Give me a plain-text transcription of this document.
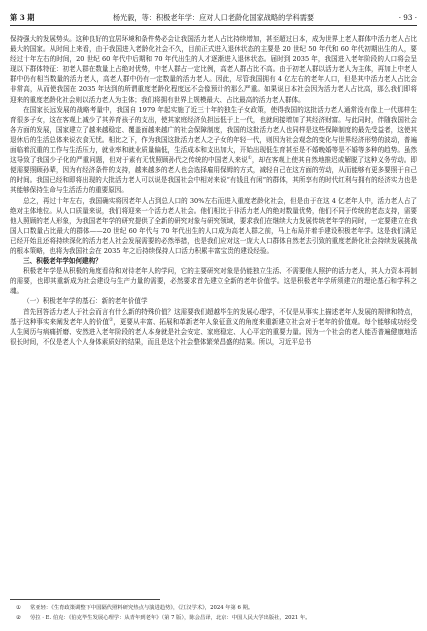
第 3 期	杨光毅，等：积极老年学：应对人口老龄化国家战略的学科需要	· 93 ·

保持强大的发展势头。这种良好的宜居环境和条件势必会让我国活力老人占比持续增加，甚至超过日本，成为世界上老人群体中活力老人占比最大的国家。从时间上来看，由于我国进入老龄化社会不久，目前正式进入退休状态的主要是 20 世纪 50 年代和 60 年代初期出生的人，要经过十年左右的时间，20 世纪 60 年代中后期和 70 年代出生的人才逐渐进入退休状态。届时到 2035 年，我国进入老年阶段的人口将会呈现以下群体特征：初老人群在数量上占绝对优势，中老人群占一定比例，高老人群占比不高。由于初老人群以活力老人为主体，再加上中老人群中仍有相当数量的活力老人，高老人群中仍有一定数量的活力老人。因此，尽管我国拥有 4 亿左右的老年人口，但是其中活力老人占比会非常高，从而使我国在 2035 年达到的所谓重度老龄化程度远不会像预计的那么严重。如果说日本社会因为活力老人占比高，那么我们即将迎来的重度老龄化社会则以活力老人为主体；我们将拥有世界上规模最大、占比最高的活力老人群体。

在国家长远发展的战略考量中，我国自 1979 年起实施了近三十年的独生子女政策，使得我国的这批活力老人通常没有像上一代那样生育很多子女，这在客观上减少了其养育孩子的支出，使其家庭经济负担远低于上一代，也就间接增加了其经济财富。与此同时，伴随我国社会各方面的发展，国家建立了越来越稳定、覆盖面越来越广的社会保障制度，我国的这批活力老人也同样是这些保障制度的最先受益者，这使其退休后的生活总体来说衣食无忧。相比之下，作为我国这批活力老人之子女的年轻一代，则因为社会观念的变化与世界经济形势的波动，普遍面临着沉重的工作与生活压力，就业率和就业质量偏低，生活成本和支出加大，开始出现低生育甚至是不婚晚婚等是不婚等多种的趋势。虽然这导致了我国少子化的严重问题，但对于素有无忧照顾孙代之传统的中国老人来说①，却在客观上使其自然地推迟或解脱了这种义务劳动。即便需要照顾孙辈，因为有经济条件的支持，越来越多的老人也会选择雇用保姆的方式，减轻自己在这方面的劳动，从而能够有更多要照于自己的时间。我国已经和即将出现的大批活力老人可以说是我国社会中相对来说“有钱且有闲”的群体，其所享有的时代红利与拥有的经济实力也是其能够保持生命与生活活力的重要原因。

总之，再过十年左右，我国确实将因老年人占到总人口的 30%左右而进入重度老龄化社会，但是由于在这 4 亿老年人中，活力老人占了绝对主体地位。从人口质量来说，我们将迎来一个活力老人社会。他们相比于非活力老人的绝对数量优势，他们不同于传统的老态支持，需要他人照顾的老人形象，为我国老年学的研究提供了全新的研究对象与研究领域，要求我们在继续大力发展传统老年学的同时，一定要建立在我国人口数量占比最大的群体——20 世纪 60 年代与 70 年代出生的人口成为高老人群之前，马上布局并着手建设积极老年学。这是我们满足已经开始且还将持续深化的活力老人社会发展需要的必然举措，也是我们应对这一庞大人口群体自然老去引致的重度老龄化社会持续发展挑战的根本策略，也将为我国社会在 2035 年之后持续保持人口活力积累丰富宝贵的建设经验。

三、积极老年学如何建构？

积极老年学是从积极的角度看待和对待老年人的学问，它的主要研究对象是仍能独立生活、不需要他人照护的活力老人，其人力资本再制的需要，也即其重新成为社会建设与生产力量的需要，必然要求首先建立全新的老年价值学。这是积极老年学所须建立的理论基石和学科之魂。

（一）积极老年学的基石：新的老年价值学

首先回答活力老人于社会而言有什么新的特殊价值？这需要我们超越毕生的发展心理学，不仅是从事实上描述老年人发展的规律和特点，基于这种事实来阐发老年人的价值②，更要从丰富、拓展和革新老年人象征意义的角度来重新建立社会对于老年的价值观。每个能够成功经受人生阅历与病痛折磨、安然进入老年阶段的老人本身就是社会安定、家庭稳定、人心平定的重要力量。因为一个社会的老人能否普遍健康地活很长时间，不仅是老人个人身体素质好的结果，而且是这个社会整体繁荣昌盛的结果。所以，习近平总书

① 常亚轻：《生育政策调整下中国隔代照料研究热点与演进趋势》，《江汉学术》，2024 年第 6 期。
② 劳拉 · E. 伯克：《伯克毕生发展心理学：从青年到老年》（第 7 版），陈会昌译，北京：中国人民大学出版社，2021 年。
